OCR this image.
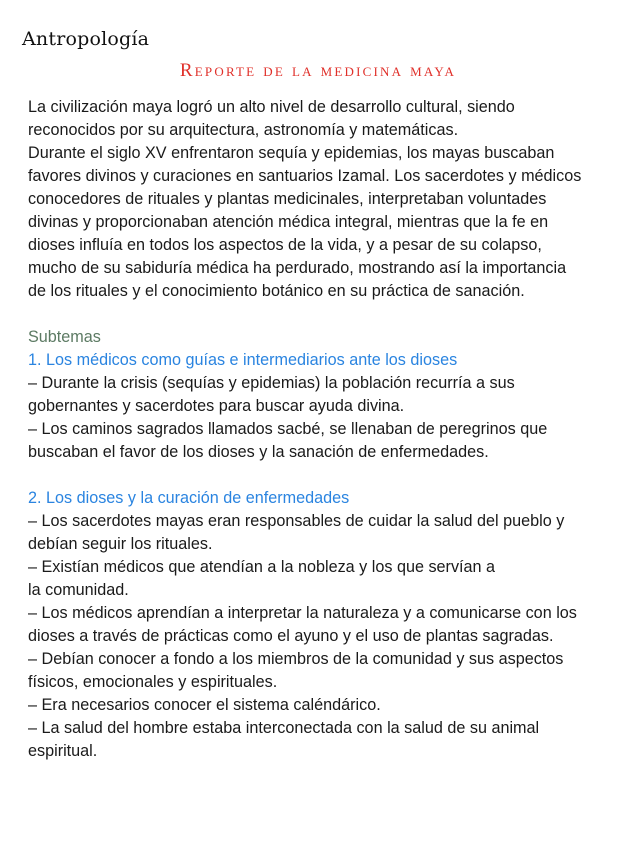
Antropología
Reporte de la medicina maya

La civilización maya logró un alto nivel de desarrollo cultural, siendo
reconocidos por su arquitectura, astronomía y matemáticas.
Durante el siglo XV enfrentaron sequía y epidemias, los mayas buscaban
favores divinos y curaciones en santuarios Izamal. Los sacerdotes y médicos
conocedores de rituales y plantas medicinales, interpretaban voluntades
divinas y proporcionaban atención médica integral, mientras que la fe en
dioses influía en todos los aspectos de la vida, y a pesar de su colapso,
mucho de su sabiduría médica ha perdurado, mostrando así la importancia
de los rituales y el conocimiento botánico en su práctica de sanación.

Subtemas

1. Los médicos como guías e intermediarios ante los dioses

– Durante la crisis (sequías y epidemias) la población recurría a sus
gobernantes y sacerdotes para buscar ayuda divina.

– Los caminos sagrados llamados sacbé, se llenaban de peregrinos que
buscaban el favor de los dioses y la sanación de enfermedades.

2. Los dioses y la curación de enfermedades

– Los sacerdotes mayas eran responsables de cuidar la salud del pueblo y
debían seguir los rituales.

– Existían médicos que atendían a la nobleza y los que servían a
la comunidad.

– Los médicos aprendían a interpretar la naturaleza y a comunicarse con los
dioses a través de prácticas como el ayuno y el uso de plantas sagradas.

– Debían conocer a fondo a los miembros de la comunidad y sus aspectos
físicos, emocionales y espirituales.

– Era necesarios conocer el sistema caléndárico.

– La salud del hombre estaba interconectada con la salud de su animal
espiritual.
